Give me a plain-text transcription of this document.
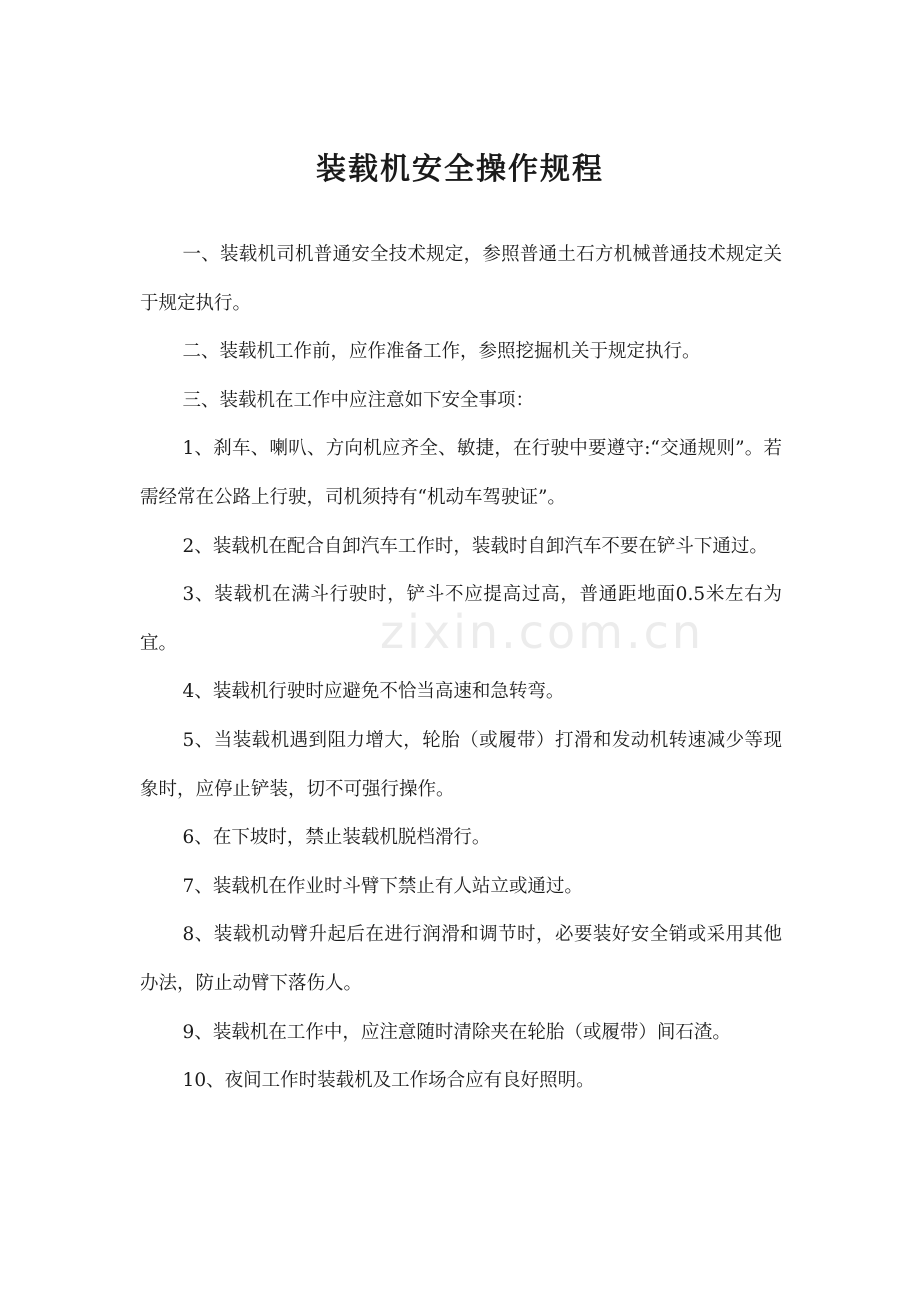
zixin.com.cn
装载机安全操作规程

一、装载机司机普通安全技术规定，参照普通土石方机械普通技术规定关于规定执行。

二、装载机工作前，应作准备工作，参照挖掘机关于规定执行。

三、装载机在工作中应注意如下安全事项：

1、刹车、喇叭、方向机应齐全、敏捷，在行驶中要遵守:“交通规则”。若需经常在公路上行驶，司机须持有“机动车驾驶证”。

2、装载机在配合自卸汽车工作时，装载时自卸汽车不要在铲斗下通过。

3、装载机在满斗行驶时，铲斗不应提高过高，普通距地面0.5米左右为宜。

4、装载机行驶时应避免不恰当高速和急转弯。

5、当装载机遇到阻力增大，轮胎（或履带）打滑和发动机转速减少等现象时，应停止铲装，切不可强行操作。

6、在下坡时，禁止装载机脱档滑行。

7、装载机在作业时斗臂下禁止有人站立或通过。

8、装载机动臂升起后在进行润滑和调节时，必要装好安全销或采用其他办法，防止动臂下落伤人。

9、装载机在工作中，应注意随时清除夹在轮胎（或履带）间石渣。

10、夜间工作时装载机及工作场合应有良好照明。
